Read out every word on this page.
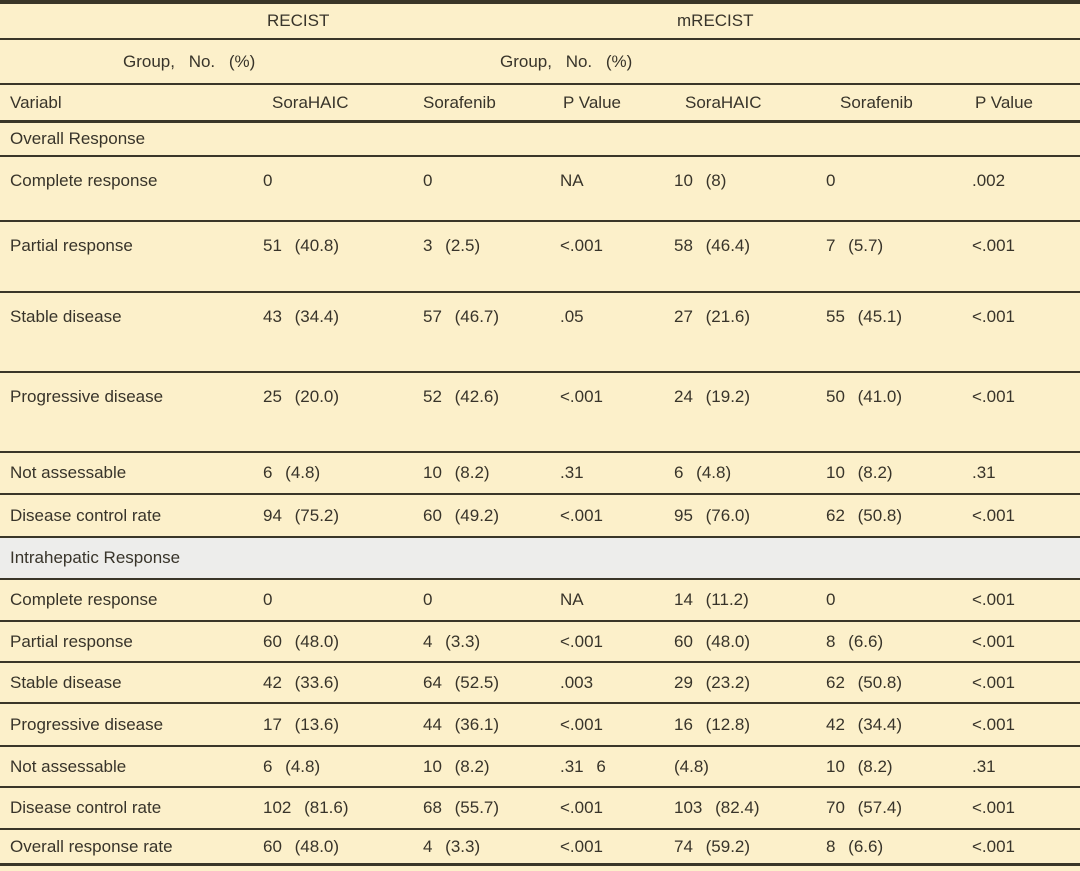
RECIST	mRECIST
Group, No. (%)	Group, No. (%)
Variabl	SoraHAIC	Sorafenib	P Value	SoraHAIC	Sorafenib	P Value
Overall Response
Complete response	0	0	NA	10 (8)	0	.002
Partial response	51 (40.8)	3 (2.5)	<.001	58 (46.4)	7 (5.7)	<.001
Stable disease	43 (34.4)	57 (46.7)	.05	27 (21.6)	55 (45.1)	<.001
Progressive disease	25 (20.0)	52 (42.6)	<.001	24 (19.2)	50 (41.0)	<.001
Not assessable	6 (4.8)	10 (8.2)	.31	6 (4.8)	10 (8.2)	.31
Disease control rate	94 (75.2)	60 (49.2)	<.001	95 (76.0)	62 (50.8)	<.001
Intrahepatic Response
Complete response	0	0	NA	14 (11.2)	0	<.001
Partial response	60 (48.0)	4 (3.3)	<.001	60 (48.0)	8 (6.6)	<.001
Stable disease	42 (33.6)	64 (52.5)	.003	29 (23.2)	62 (50.8)	<.001
Progressive disease	17 (13.6)	44 (36.1)	<.001	16 (12.8)	42 (34.4)	<.001
Not assessable	6 (4.8)	10 (8.2)	.31 6	(4.8)	10 (8.2)	.31
Disease control rate	102 (81.6)	68 (55.7)	<.001	103 (82.4)	70 (57.4)	<.001
Overall response rate	60 (48.0)	4 (3.3)	<.001	74 (59.2)	8 (6.6)	<.001
